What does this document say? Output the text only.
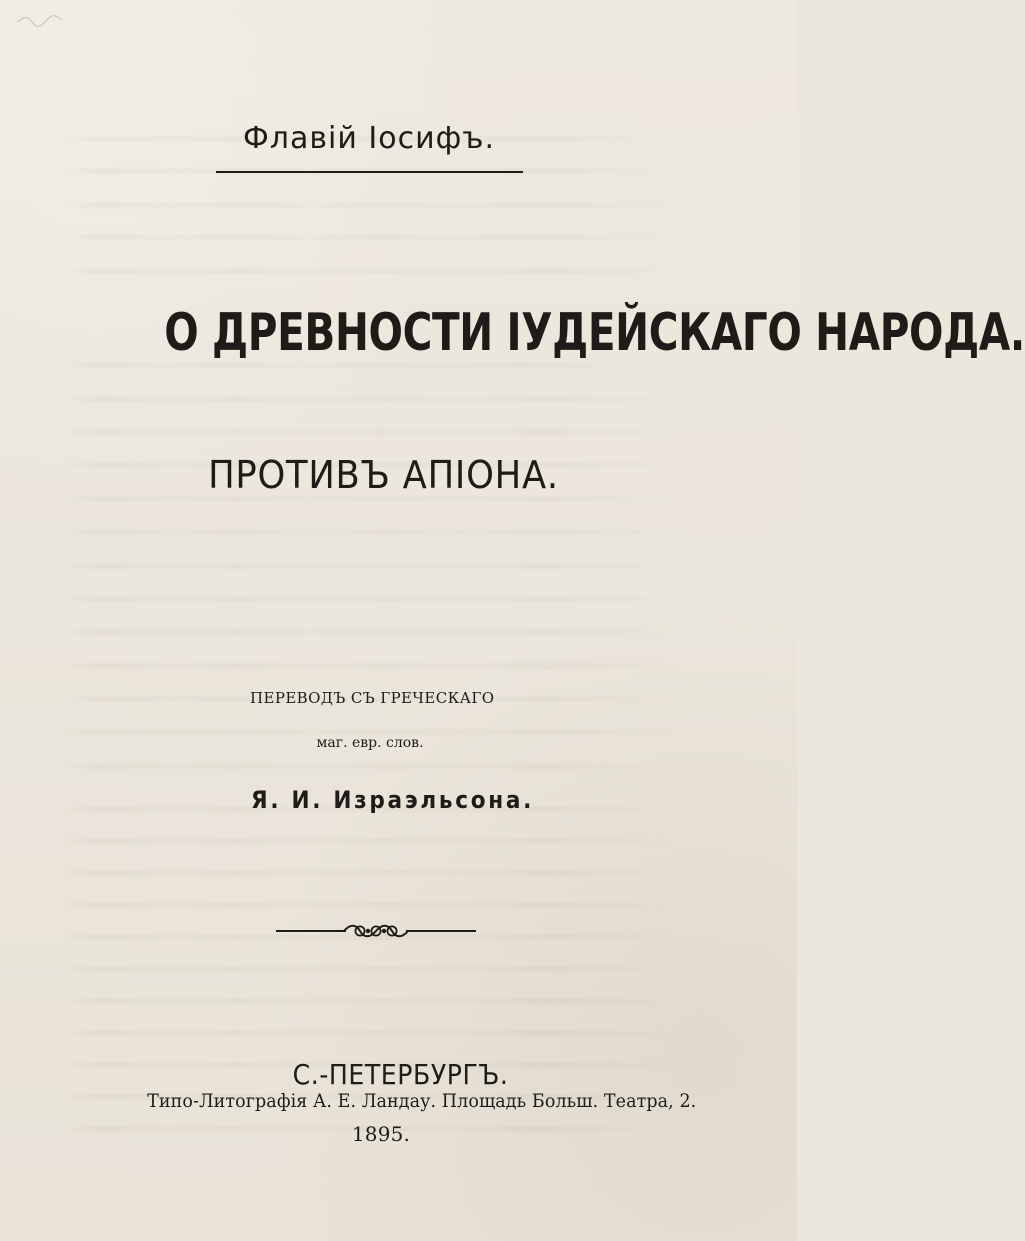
Флавій Іосифъ.
О ДРЕВНОСТИ ІУДЕЙСКАГО НАРОДА.
ПРОТИВЪ АПІОНА.
ПЕРЕВОДЪ СЪ ГРЕЧЕСКАГО
маг. евр. слов.
Я. И. Израэльсона.
С.-ПЕТЕРБУРГЪ.
Типо-Литографія А. Е. Ландау. Площадь Больш. Театра, 2.
1895.
